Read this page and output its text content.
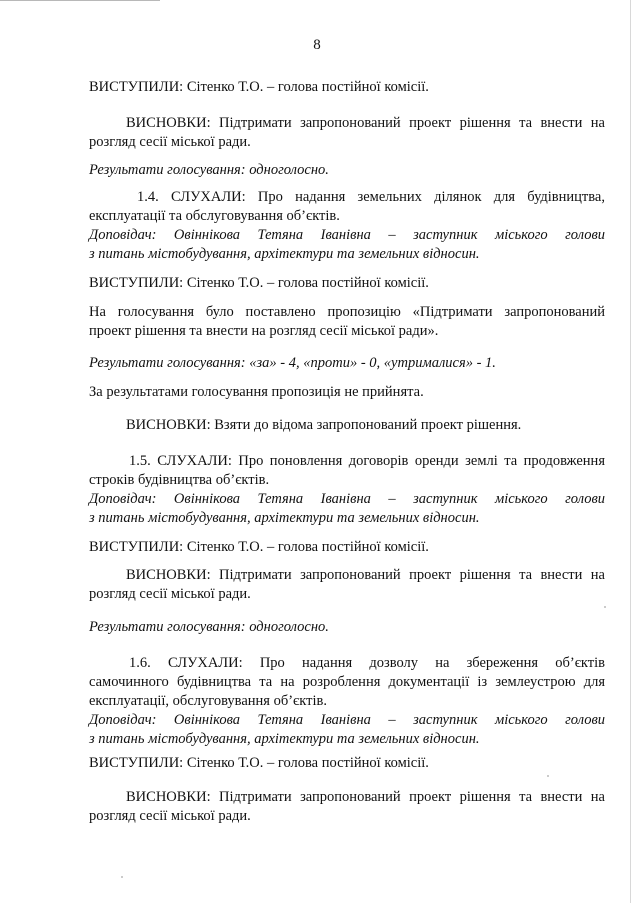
8

ВИСТУПИЛИ: Сітенко Т.О. – голова постійної комісії.

ВИСНОВКИ: Підтримати запропонований проект рішення та внести на

розгляд сесії міської ради.

Результати голосування: одноголосно.

1.4. СЛУХАЛИ: Про надання земельних ділянок для будівництва,

експлуатації та обслуговування об’єктів.

Доповідач: Овіннікова Тетяна Іванівна – заступник міського голови

з питань містобудування, архітектури та земельних відносин.

ВИСТУПИЛИ: Сітенко Т.О. – голова постійної комісії.

На голосування було поставлено пропозицію «Підтримати запропонований

проект рішення та внести на розгляд сесії міської ради».

Результати голосування: «за» - 4, «проти» - 0, «утрималися» - 1.

За результатами голосування пропозиція не прийнята.

ВИСНОВКИ: Взяти до відома запропонований проект рішення.

1.5. СЛУХАЛИ: Про поновлення договорів оренди землі та продовження

строків будівництва об’єктів.

Доповідач: Овіннікова Тетяна Іванівна – заступник міського голови

з питань містобудування, архітектури та земельних відносин.

ВИСТУПИЛИ: Сітенко Т.О. – голова постійної комісії.

ВИСНОВКИ: Підтримати запропонований проект рішення та внести на

розгляд сесії міської ради.

Результати голосування: одноголосно.

1.6. СЛУХАЛИ: Про надання дозволу на збереження об’єктів

самочинного будівництва та на розроблення документації із землеустрою для

експлуатації, обслуговування об’єктів.

Доповідач: Овіннікова Тетяна Іванівна – заступник міського голови

з питань містобудування, архітектури та земельних відносин.

ВИСТУПИЛИ: Сітенко Т.О. – голова постійної комісії.

ВИСНОВКИ: Підтримати запропонований проект рішення та внести на

розгляд сесії міської ради.
